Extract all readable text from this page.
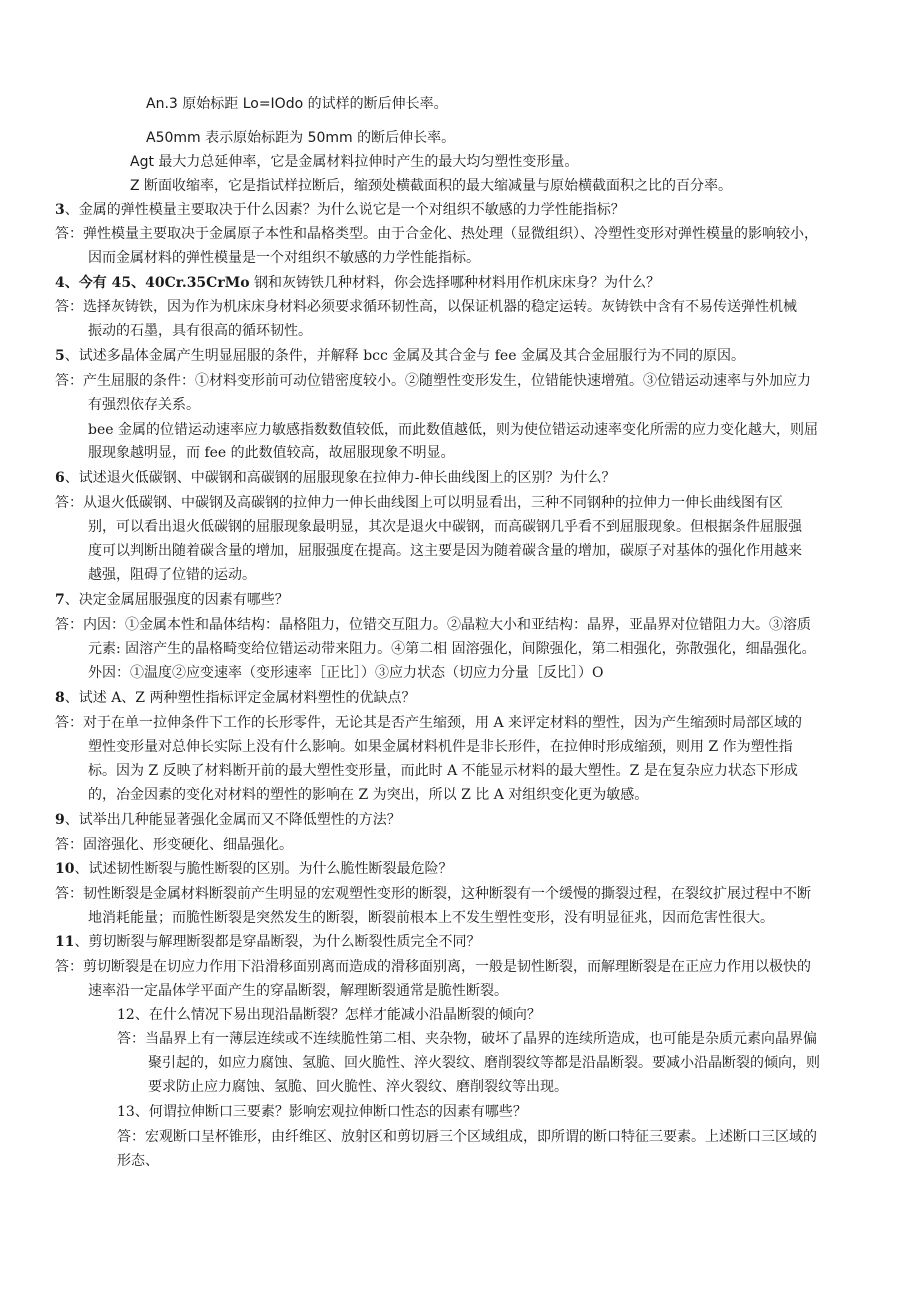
An.3 原始标距 Lo=IOdo 的试样的断后伸长率。
A50mm 表示原始标距为 50mm 的断后伸长率。
Agt 最大力总延伸率，它是金属材料拉伸时产生的最大均匀塑性变形量。
Z 断面收缩率，它是指试样拉断后，缩颈处横截面积的最大缩减量与原始横截面积之比的百分率。
3、金属的弹性模量主要取决于什么因素？为什么说它是一个对组织不敏感的力学性能指标？
答：弹性模量主要取决于金属原子本性和晶格类型。由于合金化、热处理（显微组织）、冷塑性变形对弹性模量的影响较小，
因而金属材料的弹性模量是一个对组织不敏感的力学性能指标。
4、今有 45、40Cr.35CrMo 钢和灰铸铁几种材料，你会选择哪种材料用作机床床身？为什么？
答：选择灰铸铁，因为作为机床床身材料必须要求循环韧性高，以保证机器的稳定运转。灰铸铁中含有不易传送弹性机械
振动的石墨，具有很高的循环韧性。
5、试述多晶体金属产生明显屈服的条件，并解释 bcc 金属及其合金与 fee 金属及其合金屈服行为不同的原因。
答：产生屈服的条件：①材料变形前可动位错密度较小。②随塑性变形发生，位错能快速增殖。③位错运动速率与外加应力
有强烈依存关系。
bee 金属的位错运动速率应力敏感指数数值较低，而此数值越低，则为使位错运动速率变化所需的应力变化越大，则屈
服现象越明显，而 fee 的此数值较高，故屈服现象不明显。
6、试述退火低碳钢、中碳钢和高碳钢的屈服现象在拉伸力-伸长曲线图上的区别？为什么？
答：从退火低碳钢、中碳钢及高碳钢的拉伸力一伸长曲线图上可以明显看出，三种不同钢种的拉伸力一伸长曲线图有区
别，可以看出退火低碳钢的屈服现象最明显，其次是退火中碳钢，而高碳钢几乎看不到屈服现象。但根据条件屈服强
度可以判断出随着碳含量的增加，屈服强度在提高。这主要是因为随着碳含量的增加，碳原子对基体的强化作用越来
越强，阻碍了位错的运动。
7、决定金属屈服强度的因素有哪些？
答：内因：①金属本性和晶体结构：晶格阻力，位错交互阻力。②晶粒大小和亚结构：晶界，亚晶界对位错阻力大。③溶质
元素: 固溶产生的晶格畸变给位错运动带来阻力。④第二相 固溶强化，间隙强化，第二相强化，弥散强化，细晶强化。
外因：①温度②应变速率（变形速率［正比］）③应力状态（切应力分量［反比］）O
8、试述 A、Z 两种塑性指标评定金属材料塑性的优缺点？
答：对于在单一拉伸条件下工作的长形零件，无论其是否产生缩颈，用 A 来评定材料的塑性，因为产生缩颈时局部区域的
塑性变形量对总伸长实际上没有什么影响。如果金属材料机件是非长形件，在拉伸时形成缩颈，则用 Z 作为塑性指
标。因为 Z 反映了材料断开前的最大塑性变形量，而此时 A 不能显示材料的最大塑性。Z 是在复杂应力状态下形成
的，冶金因素的变化对材料的塑性的影响在 Z 为突出，所以 Z 比 A 对组织变化更为敏感。
9、试举出几种能显著强化金属而又不降低塑性的方法？
答：固溶强化、形变硬化、细晶强化。
10、试述韧性断裂与脆性断裂的区别。为什么脆性断裂最危险？
答：韧性断裂是金属材料断裂前产生明显的宏观塑性变形的断裂，这种断裂有一个缓慢的撕裂过程，在裂纹扩展过程中不断
地消耗能量；而脆性断裂是突然发生的断裂，断裂前根本上不发生塑性变形，没有明显征兆，因而危害性很大。
11、剪切断裂与解理断裂都是穿晶断裂，为什么断裂性质完全不同？
答：剪切断裂是在切应力作用下沿滑移面别离而造成的滑移面别离，一般是韧性断裂，而解理断裂是在正应力作用以极快的
速率沿一定晶体学平面产生的穿晶断裂，解理断裂通常是脆性断裂。
12、在什么情况下易出现沿晶断裂？怎样才能减小沿晶断裂的倾向？
答：当晶界上有一薄层连续或不连续脆性第二相、夹杂物，破坏了晶界的连续所造成，也可能是杂质元素向晶界偏
聚引起的，如应力腐蚀、氢脆、回火脆性、淬火裂纹、磨削裂纹等都是沿晶断裂。要减小沿晶断裂的倾向，则
要求防止应力腐蚀、氢脆、回火脆性、淬火裂纹、磨削裂纹等出现。
13、何谓拉伸断口三要素？影响宏观拉伸断口性态的因素有哪些？
答：宏观断口呈杯锥形，由纤维区、放射区和剪切唇三个区域组成，即所谓的断口特征三要素。上述断口三区域的
形态、
